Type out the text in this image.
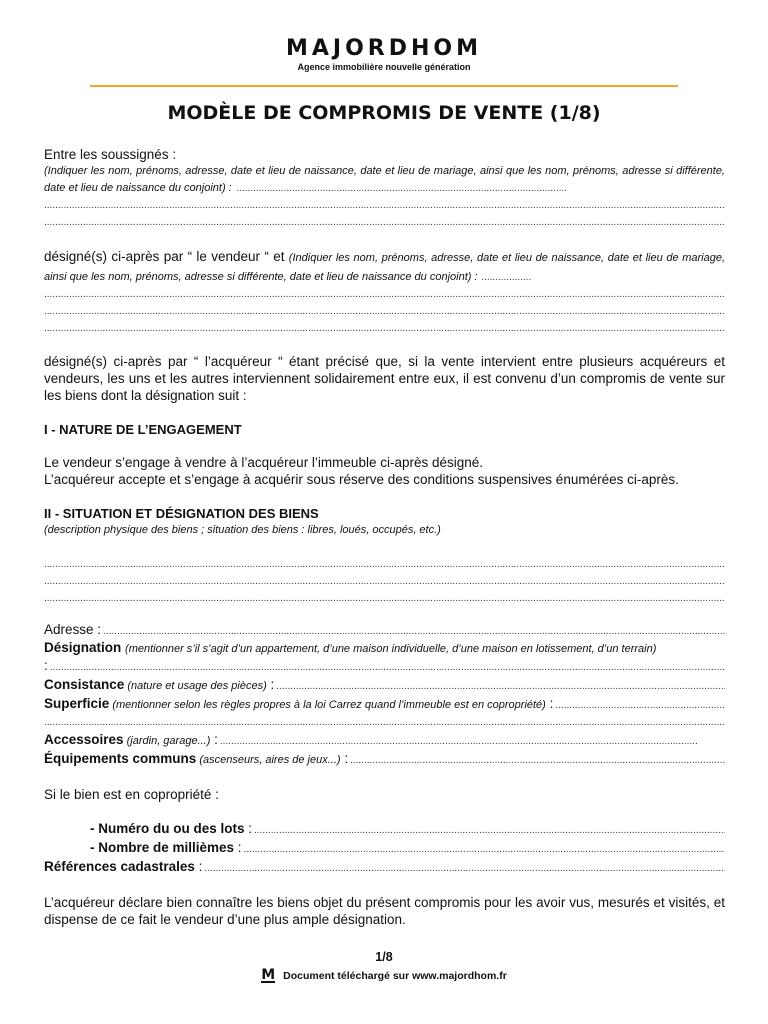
MAJORDHOM
Agence immobilière nouvelle génération
MODÈLE DE COMPROMIS DE VENTE (1/8)
Entre les soussignés :
(Indiquer les nom, prénoms, adresse, date et lieu de naissance, date et lieu de mariage, ainsi que les nom, prénoms, adresse si différente, date et lieu de naissance du conjoint) : .....
.....
.....
désigné(s) ci-après par “ le vendeur “ et (Indiquer les nom, prénoms, adresse, date et lieu de naissance, date et lieu de mariage, ainsi que les nom, prénoms, adresse si différente, date et lieu de naissance du conjoint) : .....
.....
.....
.....
désigné(s) ci-après par “ l’acquéreur “ étant précisé que, si la vente intervient entre plusieurs acquéreurs et vendeurs, les uns et les autres interviennent solidairement entre eux, il est convenu d’un compromis de vente sur les biens dont la désignation suit :
I - NATURE DE L’ENGAGEMENT
Le vendeur s’engage à vendre à l’acquéreur l’immeuble ci-après désigné.
L’acquéreur accepte et s’engage à acquérir sous réserve des conditions suspensives énumérées ci-après.
II - SITUATION ET DÉSIGNATION DES BIENS
(description physique des biens ; situation des biens : libres, loués, occupés, etc.)
.....
.....
.....
Adresse :
.....
Désignation (mentionner s’il s’agit d’un appartement, d’une maison individuelle, d’une maison en lotissement, d’un terrain)
:
.....
Consistance
(nature et usage des pièces) :
.....
Superficie
(mentionner selon les règles propres à la loi Carrez quand l’immeuble est en copropriété) :
.....
.....
Accessoires
(jardin, garage...) :
.....
Équipements communs
(ascenseurs, aires de jeux...) :
.....
Si le bien est en copropriété :
- Numéro du ou des lots :
.....
- Nombre de millièmes :
.....
Références cadastrales :
.....
L’acquéreur déclare bien connaître les biens objet du présent compromis pour les avoir vus, mesurés et visités, et dispense de ce fait le vendeur d’une plus ample désignation.
1/8
M Document téléchargé sur www.majordhom.fr
